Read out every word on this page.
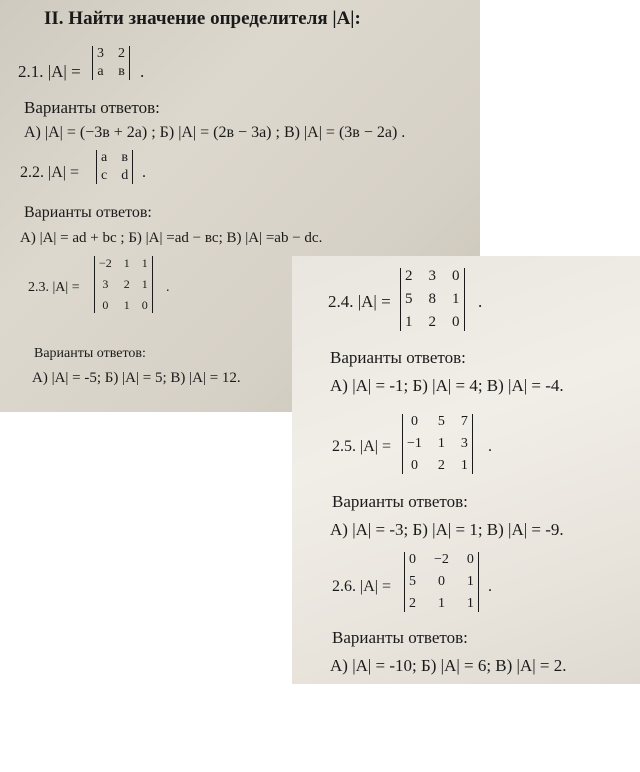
II. Найти значение определителя |A|:
2.1. |A| =
3 2
а в .
Варианты ответов:
А) |A| = (−3в + 2а) ; Б) |A| = (2в − 3а) ; В) |A| = (3в − 2а) .
2.2. |A| =
a в
c d .
Варианты ответов:
А) |A| = ad + bc ; Б) |A| =ad − вc; В) |A| =ab − dc.
2.3. |A| =
−2 1 1
3 2 1
0 1 0
.
Варианты ответов:
А) |A| = -5; Б) |A| = 5; В) |A| = 12.
2.4. |A| =
2 3 0
5 8 1
1 2 0
.
Варианты ответов:
А) |A| = -1; Б) |A| = 4; В) |A| = -4.
2.5. |A| =
0 5 7
−1 1 3
0 2 1
.
Варианты ответов:
А) |A| = -3; Б) |A| = 1; В) |A| = -9.
2.6. |A| =
0 −2 0
5 0 1
2 1 1
.
Варианты ответов:
А) |A| = -10; Б) |A| = 6; В) |A| = 2.
